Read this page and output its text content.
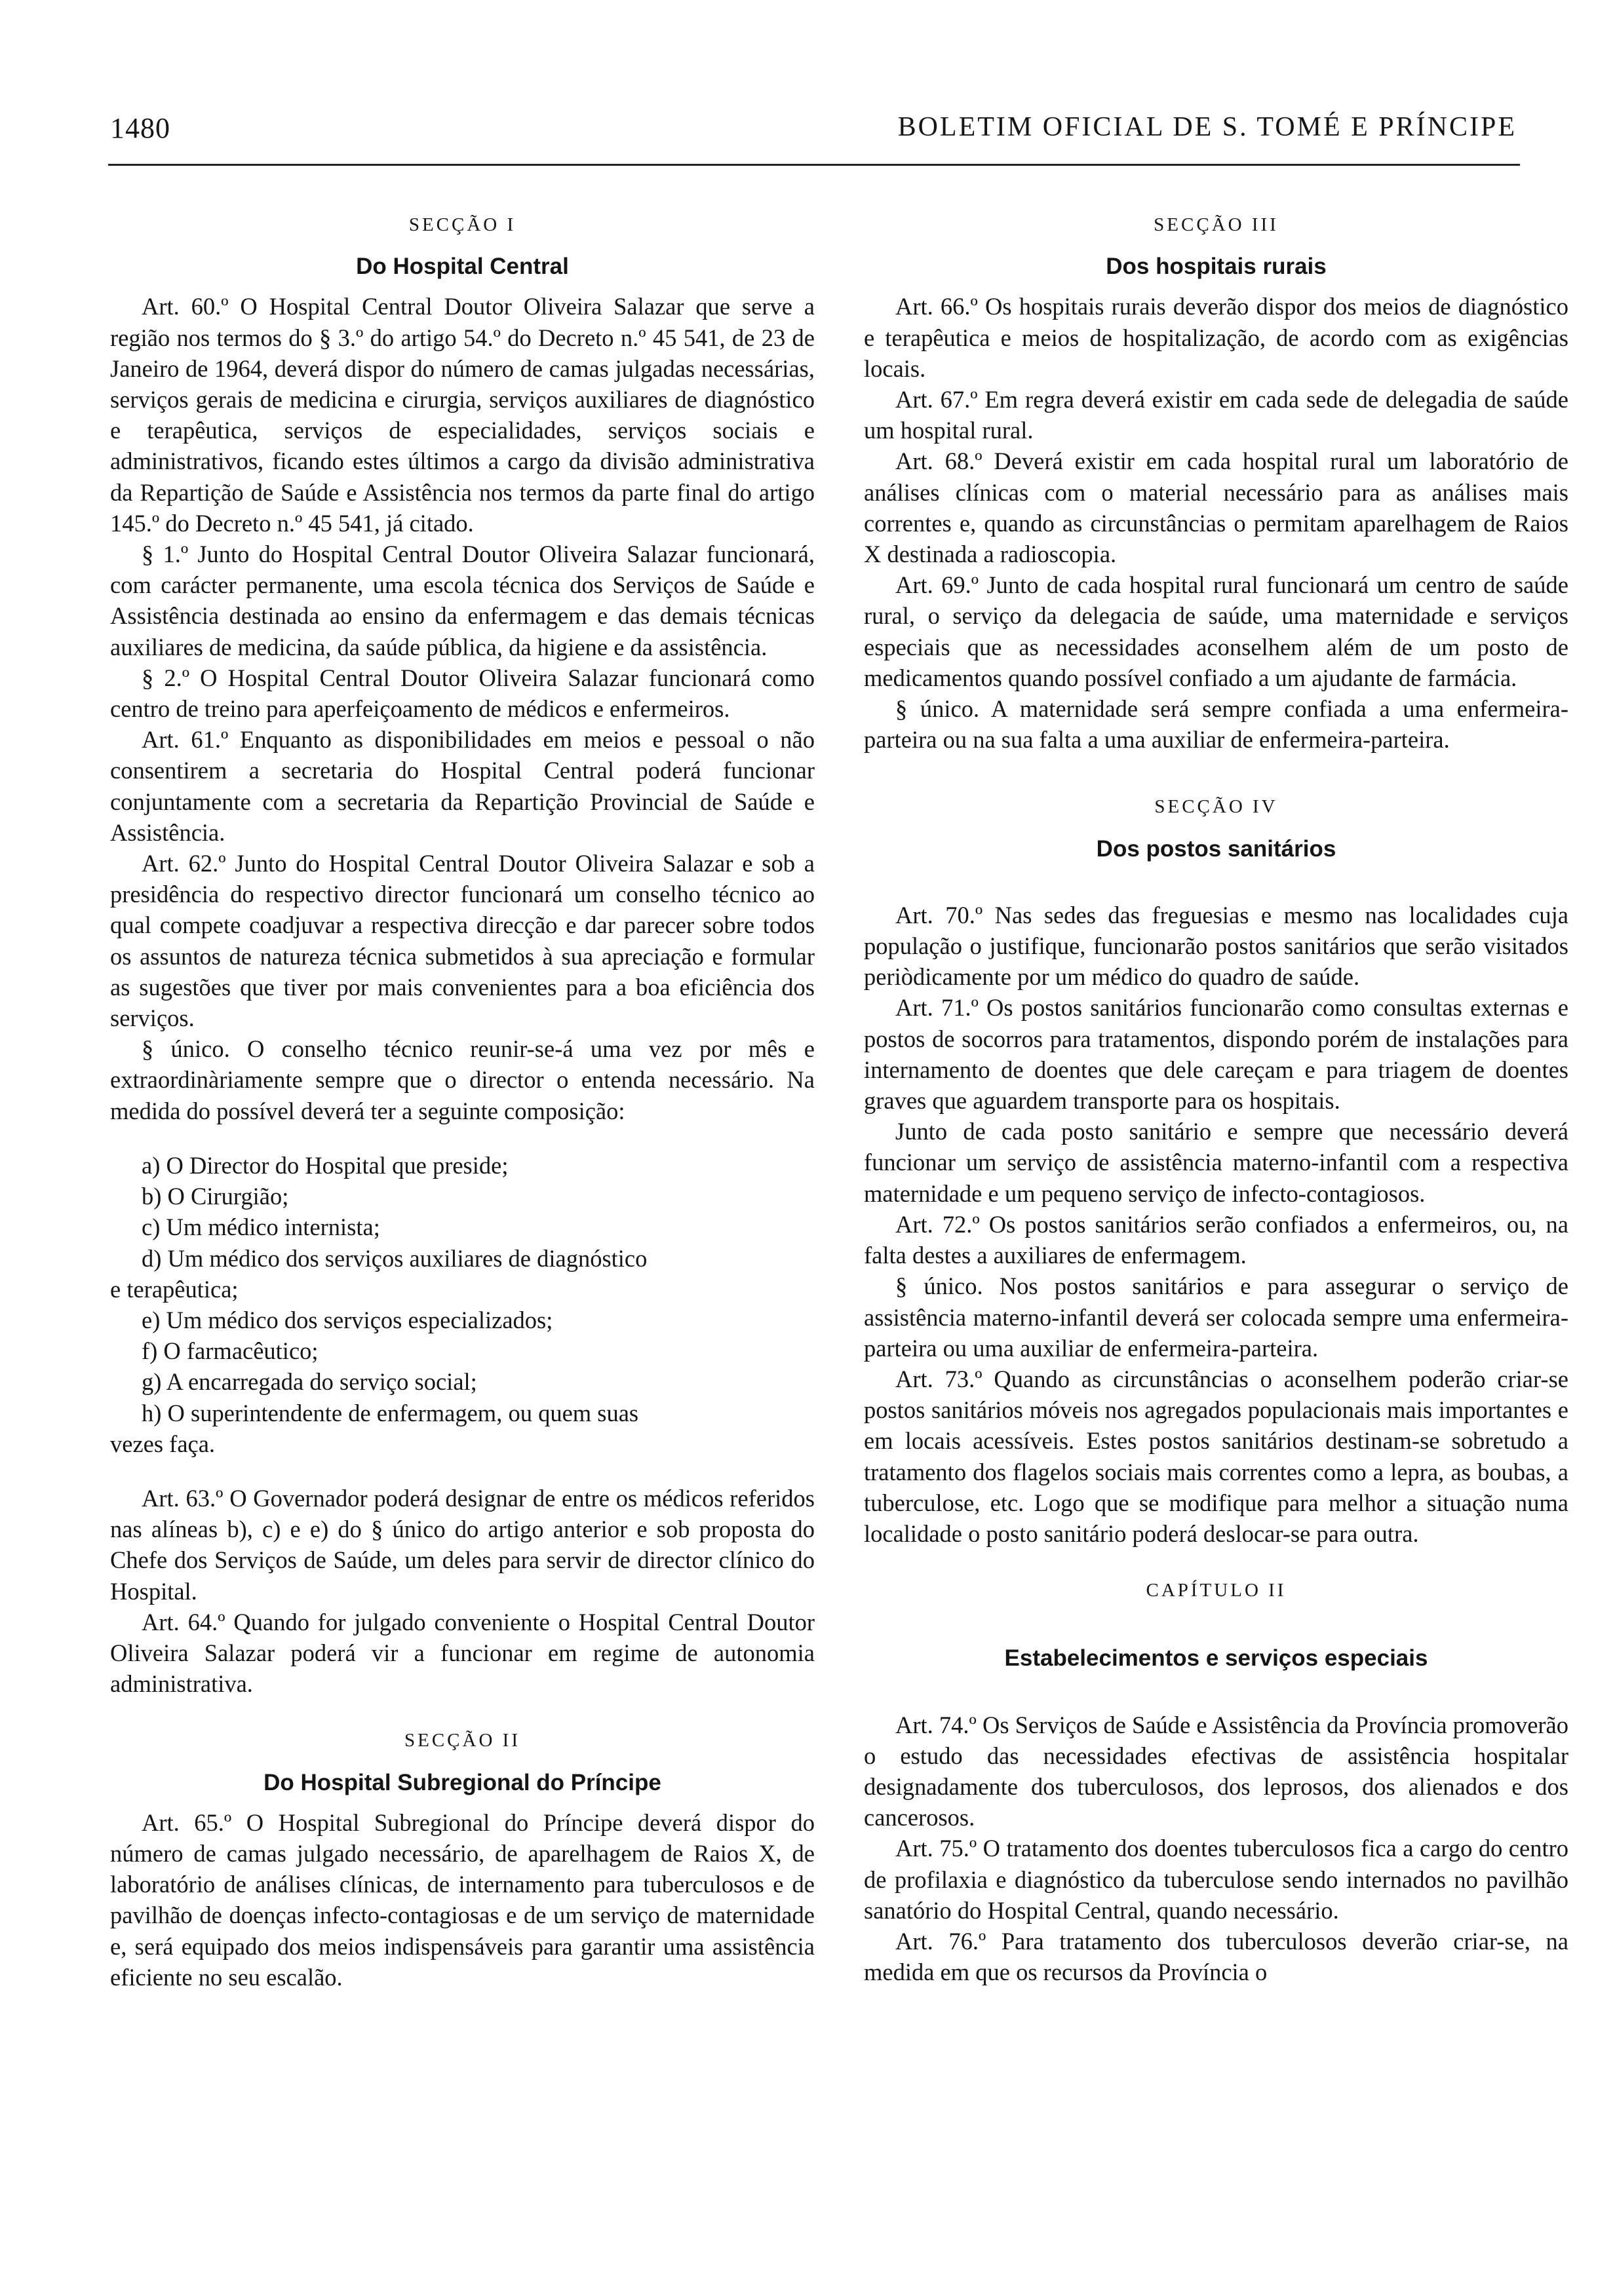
1480	BOLETIM OFICIAL DE S. TOMÉ E PRÍNCIPE
SECÇÃO I
Do Hospital Central

Art. 60.º O Hospital Central Doutor Oliveira Salazar que serve a região nos termos do § 3.º do artigo 54.º do Decreto n.º 45 541, de 23 de Janeiro de 1964, deverá dispor do número de camas julgadas necessárias, serviços gerais de medicina e cirurgia, serviços auxiliares de diagnóstico e terapêutica, serviços de especialidades, serviços sociais e administrativos, ficando estes últimos a cargo da divisão administrativa da Repartição de Saúde e Assistência nos termos da parte final do artigo 145.º do Decreto n.º 45 541, já citado.

§ 1.º Junto do Hospital Central Doutor Oliveira Salazar funcionará, com carácter permanente, uma escola técnica dos Serviços de Saúde e Assistência destinada ao ensino da enfermagem e das demais técnicas auxiliares de medicina, da saúde pública, da higiene e da assistência.

§ 2.º O Hospital Central Doutor Oliveira Salazar funcionará como centro de treino para aperfeiçoamento de médicos e enfermeiros.

Art. 61.º Enquanto as disponibilidades em meios e pessoal o não consentirem a secretaria do Hospital Central poderá funcionar conjuntamente com a secretaria da Repartição Provincial de Saúde e Assistência.

Art. 62.º Junto do Hospital Central Doutor Oliveira Salazar e sob a presidência do respectivo director funcionará um conselho técnico ao qual compete coadjuvar a respectiva direcção e dar parecer sobre todos os assuntos de natureza técnica submetidos à sua apreciação e formular as sugestões que tiver por mais convenientes para a boa eficiência dos serviços.

§ único. O conselho técnico reunir-se-á uma vez por mês e extraordinàriamente sempre que o director o entenda necessário. Na medida do possível deverá ter a seguinte composição:

a) O Director do Hospital que preside;

b) O Cirurgião;

c) Um médico internista;

d) Um médico dos serviços auxiliares de diagnóstico

e terapêutica;

e) Um médico dos serviços especializados;

f) O farmacêutico;

g) A encarregada do serviço social;

h) O superintendente de enfermagem, ou quem suas

vezes faça.

Art. 63.º O Governador poderá designar de entre os médicos referidos nas alíneas b), c) e e) do § único do artigo anterior e sob proposta do Chefe dos Serviços de Saúde, um deles para servir de director clínico do Hospital.

Art. 64.º Quando for julgado conveniente o Hospital Central Doutor Oliveira Salazar poderá vir a funcionar em regime de autonomia administrativa.

SECÇÃO II
Do Hospital Subregional do Príncipe

Art. 65.º O Hospital Subregional do Príncipe deverá dispor do número de camas julgado necessário, de aparelhagem de Raios X, de laboratório de análises clínicas, de internamento para tuberculosos e de pavilhão de doenças infecto-contagiosas e de um serviço de maternidade e, será equipado dos meios indispensáveis para garantir uma assistência eficiente no seu escalão.

SECÇÃO III
Dos hospitais rurais

Art. 66.º Os hospitais rurais deverão dispor dos meios de diagnóstico e terapêutica e meios de hospitalização, de acordo com as exigências locais.

Art. 67.º Em regra deverá existir em cada sede de delegadia de saúde um hospital rural.

Art. 68.º Deverá existir em cada hospital rural um laboratório de análises clínicas com o material necessário para as análises mais correntes e, quando as circunstâncias o permitam aparelhagem de Raios X destinada a radioscopia.

Art. 69.º Junto de cada hospital rural funcionará um centro de saúde rural, o serviço da delegacia de saúde, uma maternidade e serviços especiais que as necessidades aconselhem além de um posto de medicamentos quando possível confiado a um ajudante de farmácia.

§ único. A maternidade será sempre confiada a uma enfermeira-parteira ou na sua falta a uma auxiliar de enfermeira-parteira.

SECÇÃO IV
Dos postos sanitários

Art. 70.º Nas sedes das freguesias e mesmo nas localidades cuja população o justifique, funcionarão postos sanitários que serão visitados periòdicamente por um médico do quadro de saúde.

Art. 71.º Os postos sanitários funcionarão como consultas externas e postos de socorros para tratamentos, dispondo porém de instalações para internamento de doentes que dele careçam e para triagem de doentes graves que aguardem transporte para os hospitais.

Junto de cada posto sanitário e sempre que necessário deverá funcionar um serviço de assistência materno-infantil com a respectiva maternidade e um pequeno serviço de infecto-contagiosos.

Art. 72.º Os postos sanitários serão confiados a enfermeiros, ou, na falta destes a auxiliares de enfermagem.

§ único. Nos postos sanitários e para assegurar o serviço de assistência materno-infantil deverá ser colocada sempre uma enfermeira-parteira ou uma auxiliar de enfermeira-parteira.

Art. 73.º Quando as circunstâncias o aconselhem poderão criar-se postos sanitários móveis nos agregados populacionais mais importantes e em locais acessíveis. Estes postos sanitários destinam-se sobretudo a tratamento dos flagelos sociais mais correntes como a lepra, as boubas, a tuberculose, etc. Logo que se modifique para melhor a situação numa localidade o posto sanitário poderá deslocar-se para outra.

CAPÍTULO II
Estabelecimentos e serviços especiais

Art. 74.º Os Serviços de Saúde e Assistência da Província promoverão o estudo das necessidades efectivas de assistência hospitalar designadamente dos tuberculosos, dos leprosos, dos alienados e dos cancerosos.

Art. 75.º O tratamento dos doentes tuberculosos fica a cargo do centro de profilaxia e diagnóstico da tuberculose sendo internados no pavilhão sanatório do Hospital Central, quando necessário.

Art. 76.º Para tratamento dos tuberculosos deverão criar-se, na medida em que os recursos da Província o
